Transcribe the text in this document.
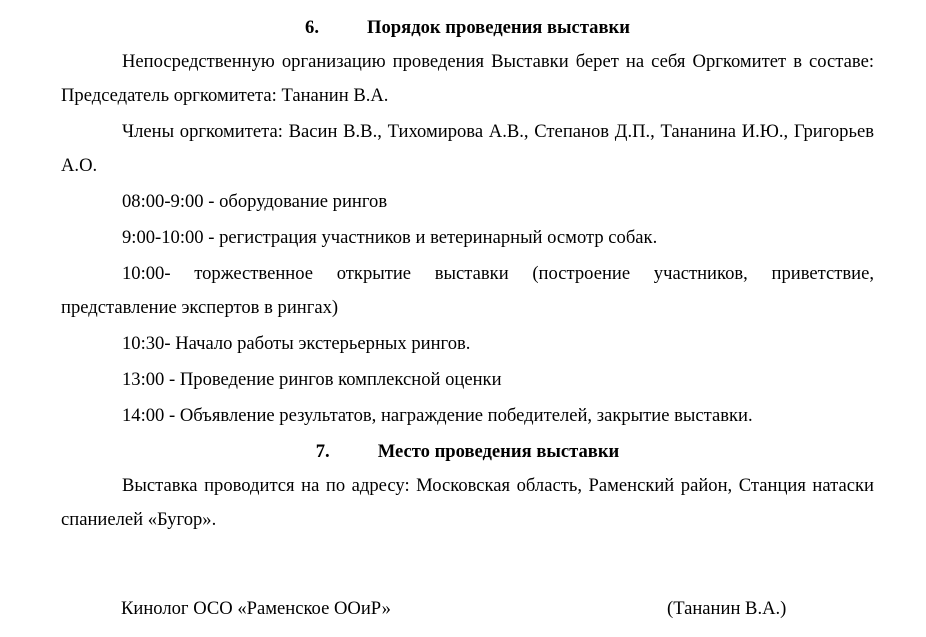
6.	Порядок проведения выставки

Непосредственную организацию проведения Выставки берет на себя Оргкомитет в составе: Председатель оргкомитета: Тананин В.А.

Члены оргкомитета: Васин В.В., Тихомирова А.В., Степанов Д.П., Тананина И.Ю., Григорьев А.О.

08:00-9:00 - оборудование рингов

9:00-10:00 - регистрация участников и ветеринарный осмотр собак.

10:00- торжественное открытие выставки (построение участников, приветствие, представление экспертов в рингах)

10:30- Начало работы экстерьерных рингов.

13:00 - Проведение рингов комплексной оценки

14:00 - Объявление результатов, награждение победителей, закрытие выставки.

7.	Место проведения выставки

Выставка проводится на по адресу: Московская область, Раменский район, Станция натаски спаниелей «Бугор».

Кинолог ОСО «Раменское ООиР»	(Тананин В.А.)
